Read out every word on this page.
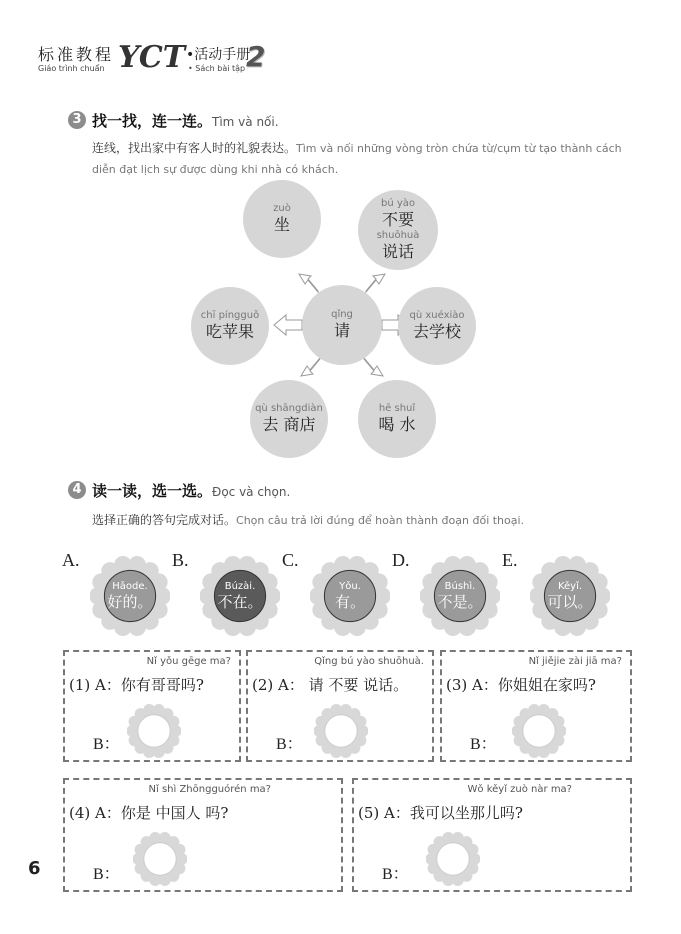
标准教程
Giáo trình chuẩn YCT •活动手册
• Sách bài tập 2
3 找一找，连一连。Tìm và nối.
连线，找出家中有客人时的礼貌表达。Tìm và nối những vòng tròn chứa từ/cụm từ tạo thành cách diễn đạt lịch sự được dùng khi nhà có khách.
zuò
坐
bú yào
不要
shuōhuà
说话
qǐng
请
chī píngguǒ
吃苹果
qù xuéxiào
去学校
qù shāngdiàn
去 商店
hē shuǐ
喝 水
4 读一读，选一选。Đọc và chọn.
选择正确的答句完成对话。Chọn câu trả lời đúng để hoàn thành đoạn đối thoại.
A.
Hǎode.
好的。
B.
Búzài.
不在。
C.
Yǒu.
有。
D.
Búshì.
不是。
E.
Kěyǐ.
可以。
Nǐ yǒu gēge ma?
(1) A：你有哥哥吗?
B：
Qǐng bú yào shuōhuà.
(2) A： 请 不要 说话。
B：
Nǐ jiějie zài jiā ma?
(3) A：你姐姐在家吗?
B：
Nǐ shì Zhōngguórén ma?
(4) A：你是 中国人 吗?
B：
Wǒ kěyǐ zuò nàr ma?
(5) A：我可以坐那儿吗?
B：
6
